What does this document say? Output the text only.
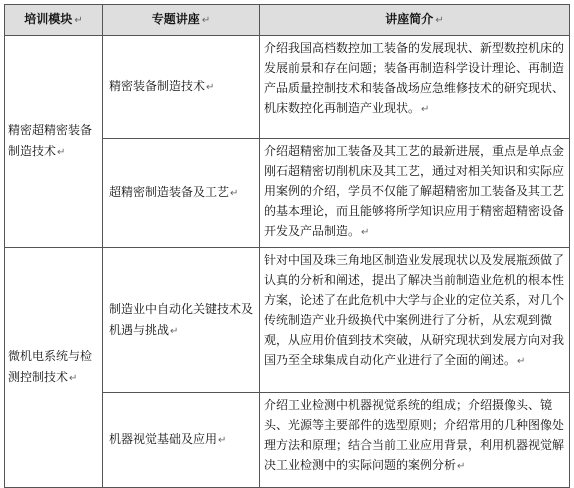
培训模块 ↵	专题讲座 ↵	讲座简介 ↵
精密超精密装备制造技术↵	精密装备制造技术↵	介绍我国高档数控加工装备的发展现状、新型数控机床的发展前景和存在问题；装备再制造科学设计理论、再制造产品质量控制技术和装备战场应急维修技术的研究现状、机床数控化再制造产业现状。↵
	超精密制造装备及工艺↵	介绍超精密加工装备及其工艺的最新进展，重点是单点金刚石超精密切削机床及其工艺，通过对相关知识和实际应用案例的介绍，学员不仅能了解超精密加工装备及其工艺的基本理论，而且能够将所学知识应用于精密超精密设备开发及产品制造。↵
微机电系统与检测控制技术↵	制造业中自动化关键技术及机遇与挑战↵	针对中国及珠三角地区制造业发展现状以及发展瓶颈做了认真的分析和阐述，提出了解决当前制造业危机的根本性方案，论述了在此危机中大学与企业的定位关系，对几个传统制造产业升级换代中案例进行了分析，从宏观到微观，从应用价值到技术突破，从研究现状到发展方向对我国乃至全球集成自动化产业进行了全面的阐述。↵
	机器视觉基础及应用↵	介绍工业检测中机器视觉系统的组成；介绍摄像头、镜头、光源等主要部件的选型原则；介绍常用的几种图像处理方法和原理；结合当前工业应用背景，利用机器视觉解决工业检测中的实际问题的案例分析↵
